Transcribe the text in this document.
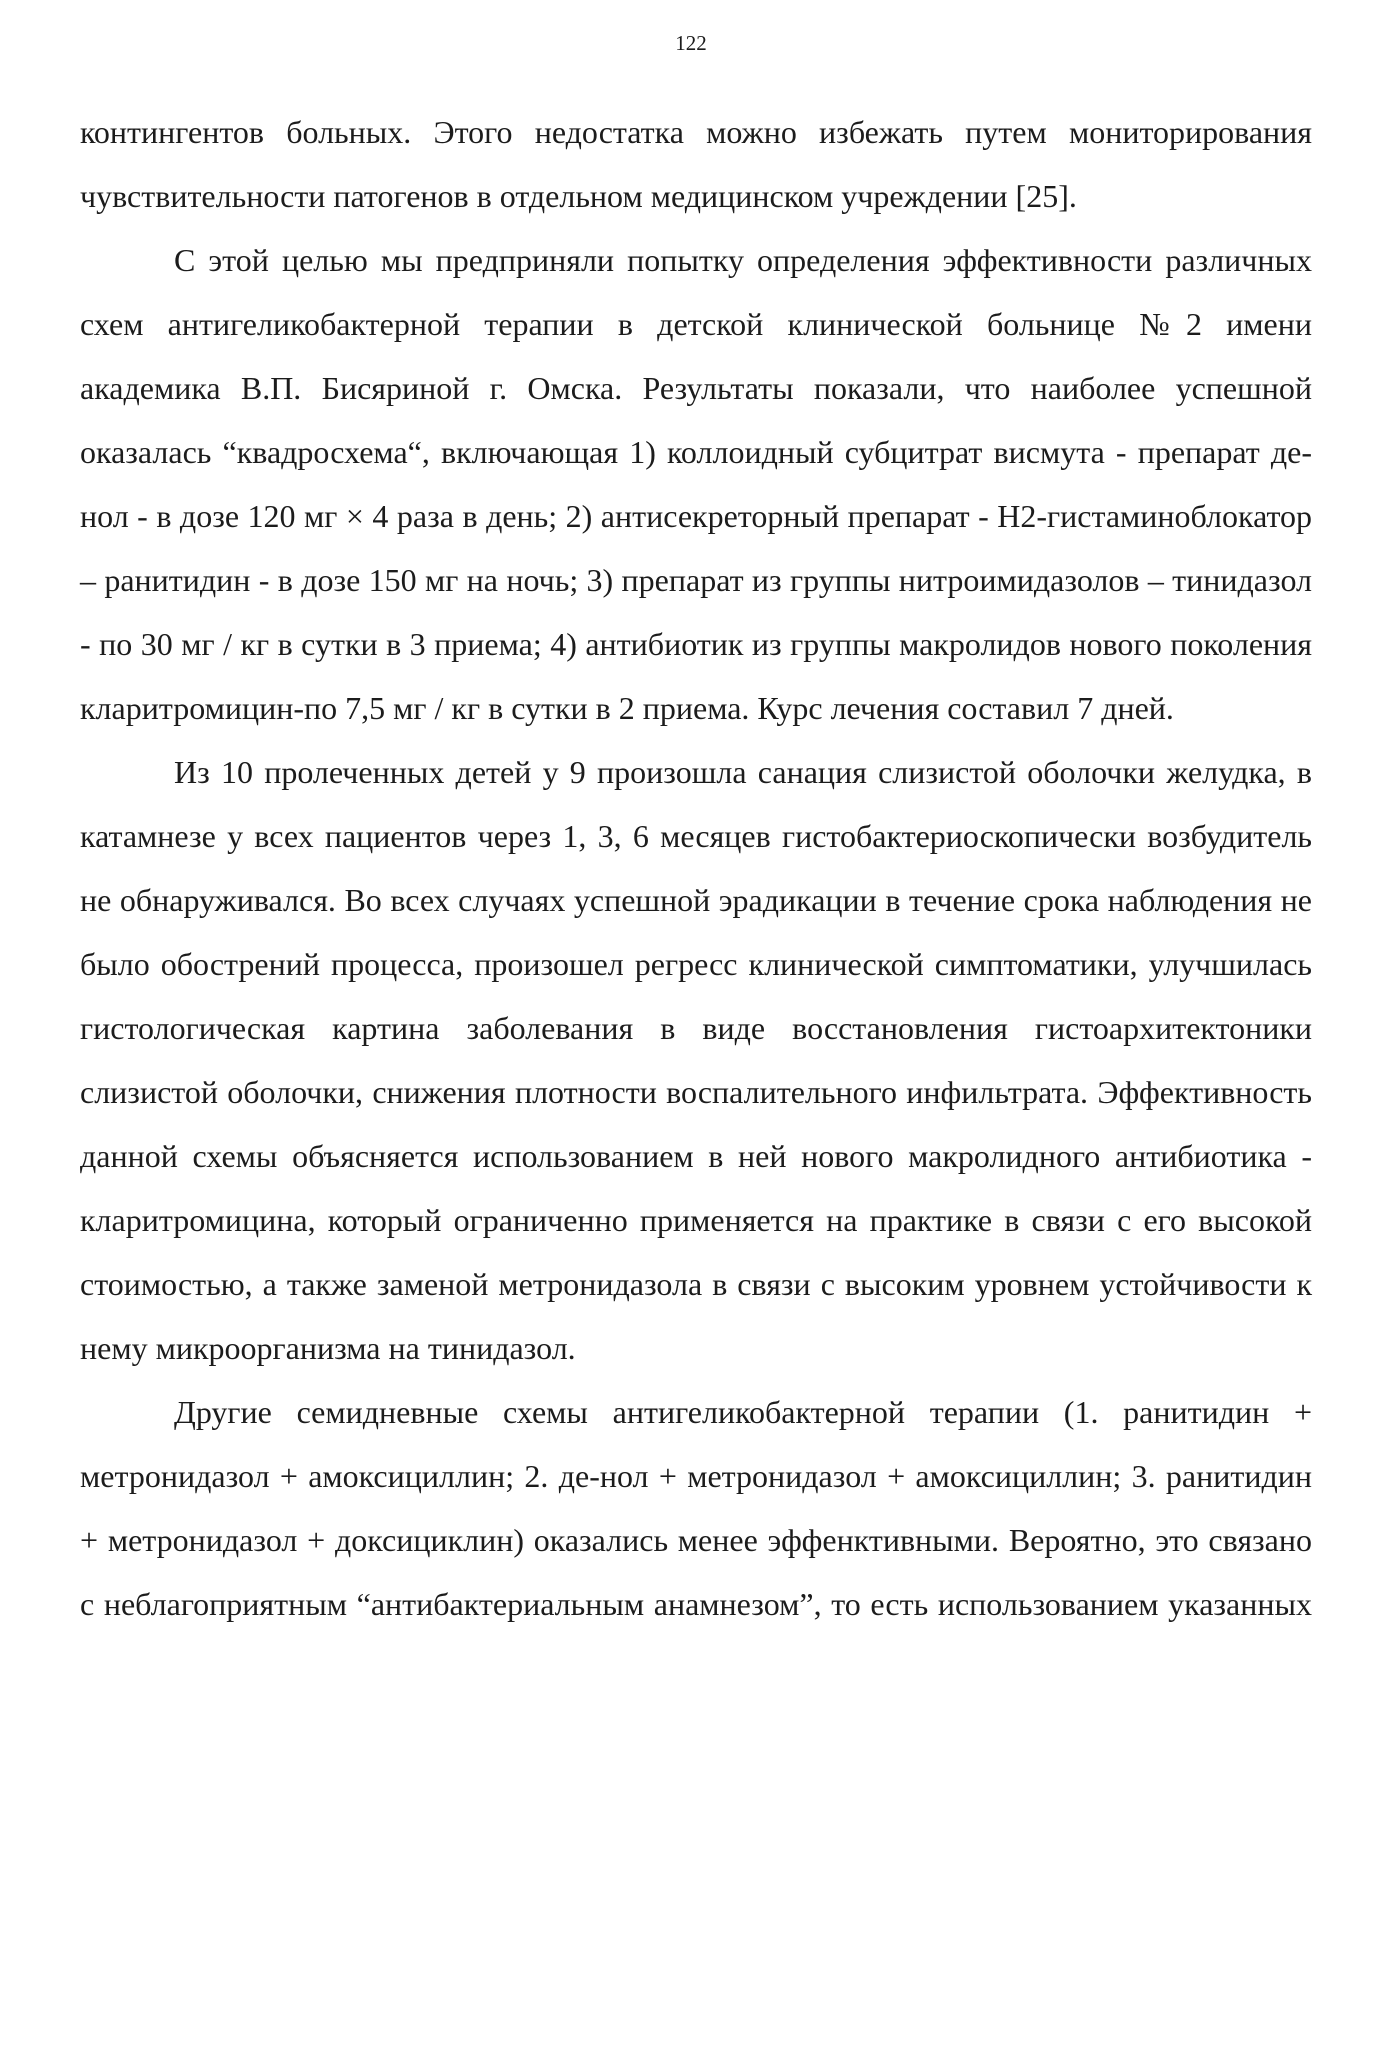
122

контингентов больных. Этого недостатка можно избежать путем мониторирования чувствительности патогенов в отдельном медицинском учреждении [25].

С этой целью мы предприняли попытку определения эффективности различных схем антигеликобактерной терапии в детской клинической больнице №2 имени академика В.П. Бисяриной г. Омска. Результаты показали, что наиболее успешной оказалась “квадросхема“, включающая 1) коллоидный субцитрат висмута - препарат де-нол - в дозе 120 мг × 4 раза в день; 2) антисекреторный препарат - Н2-гистаминоблокатор – ранитидин - в дозе 150 мг на ночь; 3) препарат из группы нитроимидазолов – тинидазол - по 30 мг / кг в сутки в 3 приема; 4) антибиотик из группы макролидов нового поколения кларитромицин-по 7,5 мг / кг в сутки в 2 приема. Курс лечения составил 7 дней.

Из 10 пролеченных детей у 9 произошла санация слизистой оболочки желудка, в катамнезе у всех пациентов через 1, 3, 6 месяцев гистобактериоскопически возбудитель не обнаруживался. Во всех случаях успешной эрадикации в течение срока наблюдения не было обострений процесса, произошел регресс клинической симптоматики, улучшилась гистологическая картина заболевания в виде восстановления гистоархитектоники слизистой оболочки, снижения плотности воспалительного инфильтрата. Эффективность данной схемы объясняется использованием в ней нового макролидного антибиотика - кларитромицина, который ограниченно применяется на практике в связи с его высокой стоимостью, а также заменой метронидазола в связи с высоким уровнем устойчивости к нему микроорганизма на тинидазол.

Другие семидневные схемы антигеликобактерной терапии (1. ранитидин + метронидазол + амоксициллин; 2. де-нол + метронидазол + амоксициллин; 3. ранитидин + метронидазол + доксициклин) оказались менее эффенктивными. Вероятно, это связано с неблагоприятным “антибактериальным анамнезом”, то есть использованием указанных
